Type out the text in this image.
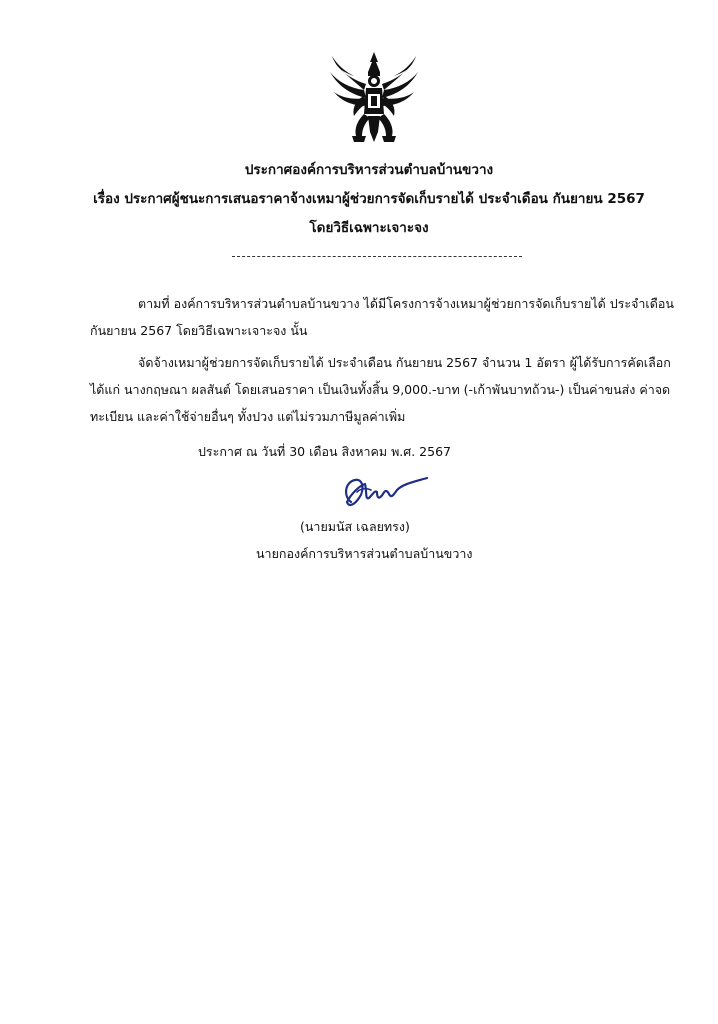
ประกาศองค์การบริหารส่วนตำบลบ้านขวาง
เรื่อง ประกาศผู้ชนะการเสนอราคาจ้างเหมาผู้ช่วยการจัดเก็บรายได้ ประจำเดือน กันยายน 2567
โดยวิธีเฉพาะเจาะจง
ตามที่ องค์การบริหารส่วนตำบลบ้านขวาง ได้มีโครงการจ้างเหมาผู้ช่วยการจัดเก็บรายได้ ประจำเดือน
กันยายน 2567 โดยวิธีเฉพาะเจาะจง นั้น
จัดจ้างเหมาผู้ช่วยการจัดเก็บรายได้ ประจำเดือน กันยายน 2567 จำนวน 1 อัตรา ผู้ได้รับการคัดเลือก
ได้แก่ นางกฤษณา ผลสันต์ โดยเสนอราคา เป็นเงินทั้งสิ้น 9,000.-บาท (-เก้าพันบาทถ้วน-) เป็นค่าขนส่ง ค่าจด
ทะเบียน และค่าใช้จ่ายอื่นๆ ทั้งปวง แต่ไม่รวมภาษีมูลค่าเพิ่ม
ประกาศ ณ วันที่ 30 เดือน สิงหาคม พ.ศ. 2567
(นายมนัส เฉลยทรง)
นายกองค์การบริหารส่วนตำบลบ้านขวาง
